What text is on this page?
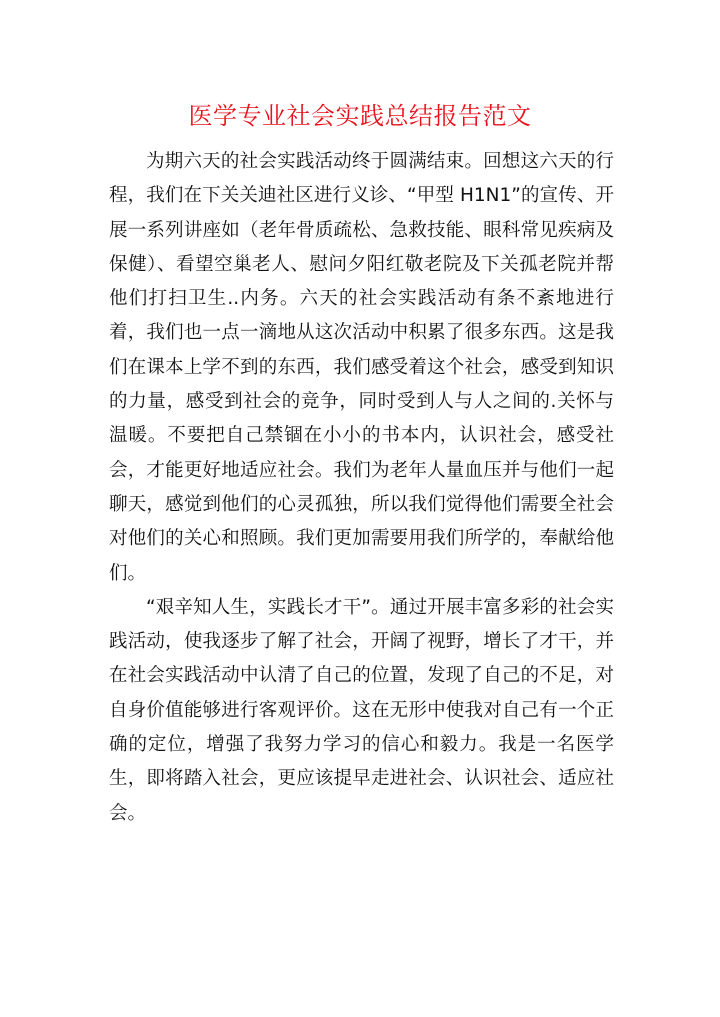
医学专业社会实践总结报告范文

为期六天的社会实践活动终于圆满结束。回想这六天的行程，我们在下关关迪社区进行义诊、“甲型 H1N1”的宣传、开展一系列讲座如（老年骨质疏松、急救技能、眼科常见疾病及保健）、看望空巢老人、慰问夕阳红敬老院及下关孤老院并帮他们打扫卫生..内务。六天的社会实践活动有条不紊地进行着，我们也一点一滴地从这次活动中积累了很多东西。这是我们在课本上学不到的东西，我们感受着这个社会，感受到知识的力量，感受到社会的竞争，同时受到人与人之间的.关怀与温暖。不要把自己禁锢在小小的书本内，认识社会，感受社会，才能更好地适应社会。我们为老年人量血压并与他们一起聊天，感觉到他们的心灵孤独，所以我们觉得他们需要全社会对他们的关心和照顾。我们更加需要用我们所学的，奉献给他们。

“艰辛知人生，实践长才干”。通过开展丰富多彩的社会实践活动，使我逐步了解了社会，开阔了视野，增长了才干，并在社会实践活动中认清了自己的位置，发现了自己的不足，对自身价值能够进行客观评价。这在无形中使我对自己有一个正确的定位，增强了我努力学习的信心和毅力。我是一名医学生，即将踏入社会，更应该提早走进社会、认识社会、适应社会。
